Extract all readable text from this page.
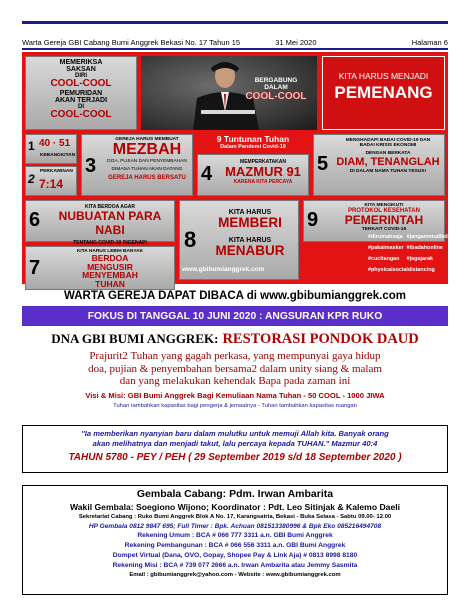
Warta Gereja GBI Cabang Bumi Anggrek Bekasi No. 17 Tahun 15	31 Mei 2020	Halaman 6
MEMERIKSA
SAKSAN
DIRI
COOL-COOL
PEMURIDAN
AKAN TERJADI
DI
COOL-COOL
BERGABUNG
DALAM
COOL-COOL
KITA HARUS MENJADI
PEMENANG
1 40 · 51
KEBANGKITAN
2 7:14
PERKAWINAN 3
GEREJA HARUS MEMBUAT
MEZBAH
DOA, PUJIAN DAN PENYEMBAHAN
DIMANA TUHAN AKAN DATANG
GEREJA HARUS BERSATU
9 Tuntunan Tuhan
Dalam Pandemi Covid-19
4
MEMPERKATAKAN
MAZMUR 91
KARENA KITA PERCAYA
5
MENGHADAPI BADAI COVID-19 DAN
BADAI KRISIS EKONOMI
DENGAN BERKATA
DIAM, TENANGLAH
DI DALAM NAMA TUHAN YESUS!
6
KITA BERDOA AGAR
NUBUATAN PARA NABI
TENTANG COVID-19 DIGENAPI
7
KITA HARUS LEBIH BANYAK
BERDOA
MENGUSIR
MENYEMBAH
TUHAN
8
KITA HARUS
MEMBERI
KITA HARUS
MENABUR
9
KITA MENGIKUTI
PROTOKOL KESEHATAN
PEMERINTAH
TERKAIT COVID-19
www.gbibumianggrek.com
#dirumahsaja #jangammudikdulu
#pakaimasker #ibadahonline
#cucitangan	#jagajarak
#physicalsocialdistancing
WARTA GEREJA DAPAT DIBACA di www.gbibumianggrek.com
FOKUS DI TANGGAL 10 JUNI 2020 : ANGSURAN KPR RUKO
DNA GBI BUMI ANGGREK: RESTORASI PONDOK DAUD
Prajurit2 Tuhan yang gagah perkasa, yang mempunyai gaya hidup
doa, pujian & penyembahan bersama2 dalam unity siang & malam
dan yang melakukan kehendak Bapa pada zaman ini
Visi & Misi: GBI Bumi Anggrek Bagi Kemuliaan Nama Tuhan - 50 COOL - 1000 JIWA
Tuhan tambahkan kapasitas bagi pengerja & jemaatnya - Tuhan tambahkan kapasitas ruangan
"Ia memberikan nyanyian baru dalam mulutku untuk memuji Allah kita. Banyak orang
akan melihatnya dan menjadi takut, lalu percaya kepada TUHAN." Mazmur 40:4
TAHUN 5780 - PEY / PEH ( 29 September 2019 s/d 18 September 2020 )
Gembala Cabang: Pdm. Irwan Ambarita
Wakil Gembala: Soegiono Wijono; Koordinator : Pdt. Leo Sitinjak & Kalemo Daeli
Sekretariat Cabang : Ruko Bumi Anggrek Blok A No. 17, Karangsatria, Bekasi - Buka Selasa - Sabtu 09.00- 12.00
HP Gembala 0812 9847 695; Full Timer : Bpk. Achuan 081513380996 & Bpk Eko 085216494708
Rekening Umum : BCA # 066 777 3311 a.n. GBI Bumi Anggrek
Rekening Pembangunan : BCA # 066 556 3311 a.n. GBI Bumi Anggrek
Dompet Virtual (Dana, OVO, Gopay, Shopee Pay & Link Aja) # 0813 8998 8180
Rekening Misi : BCA # 739 077 2666 a.n. Irwan Ambarita atau Jemmy Sasmita
Email : gbibumianggrek@yahoo.com - Website : www.gbibumianggrek.com
